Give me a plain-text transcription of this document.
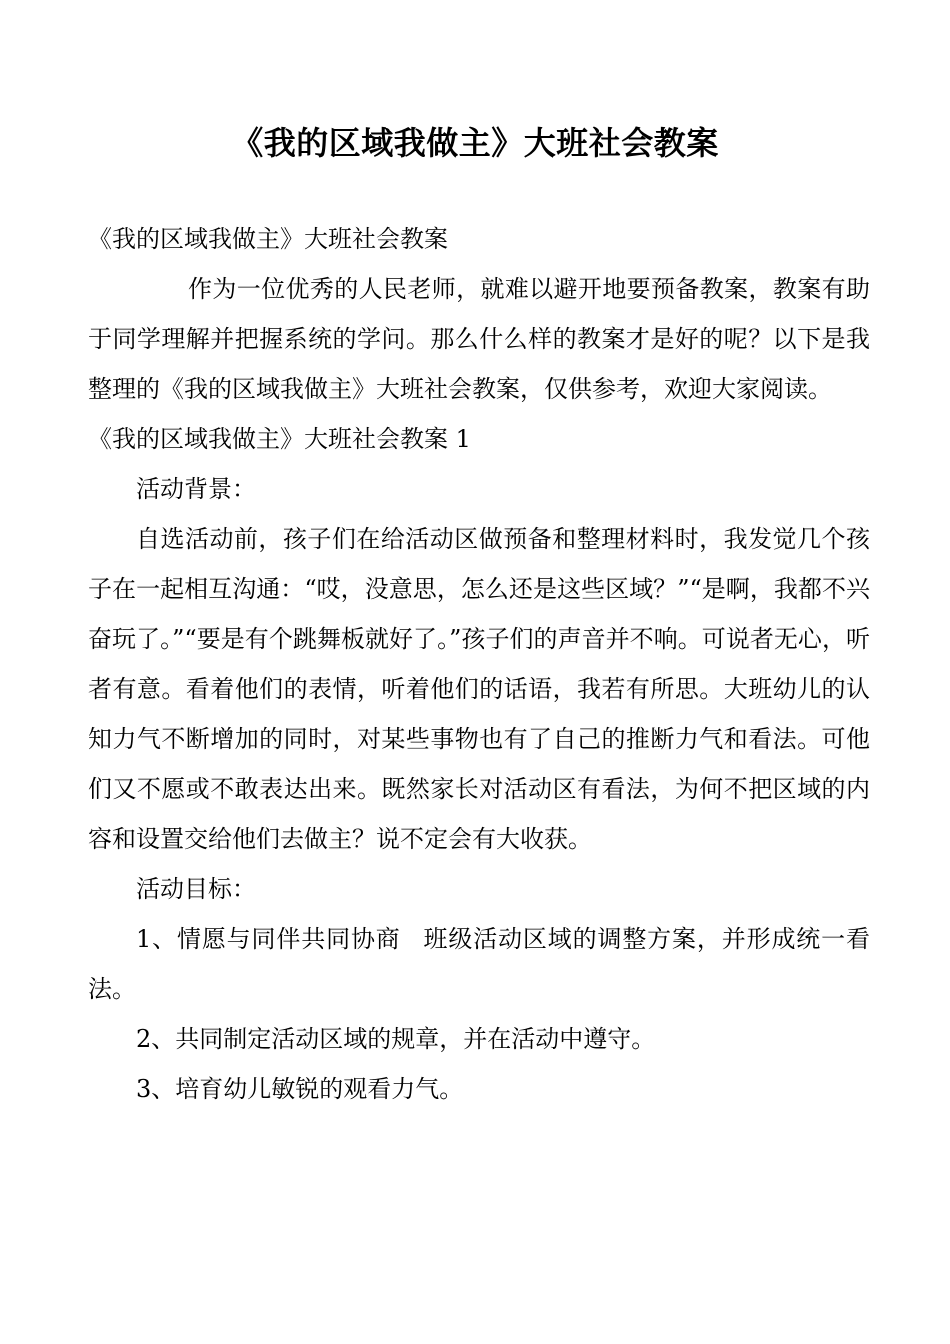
《我的区域我做主》大班社会教案

《我的区域我做主》大班社会教案

作为一位优秀的人民老师，就难以避开地要预备教案，教案有助于同学理解并把握系统的学问。那么什么样的教案才是好的呢？以下是我整理的《我的区域我做主》大班社会教案，仅供参考，欢迎大家阅读。

《我的区域我做主》大班社会教案 1

活动背景：

自选活动前，孩子们在给活动区做预备和整理材料时，我发觉几个孩子在一起相互沟通：“哎，没意思，怎么还是这些区域？”“是啊，我都不兴奋玩了。”“要是有个跳舞板就好了。”孩子们的声音并不响。可说者无心，听者有意。看着他们的表情，听着他们的话语，我若有所思。大班幼儿的认知力气不断增加的同时，对某些事物也有了自己的推断力气和看法。可他们又不愿或不敢表达出来。既然家长对活动区有看法，为何不把区域的内容和设置交给他们去做主？说不定会有大收获。

活动目标：

1、情愿与同伴共同协商 班级活动区域的调整方案，并形成统一看法。

2、共同制定活动区域的规章，并在活动中遵守。

3、培育幼儿敏锐的观看力气。
